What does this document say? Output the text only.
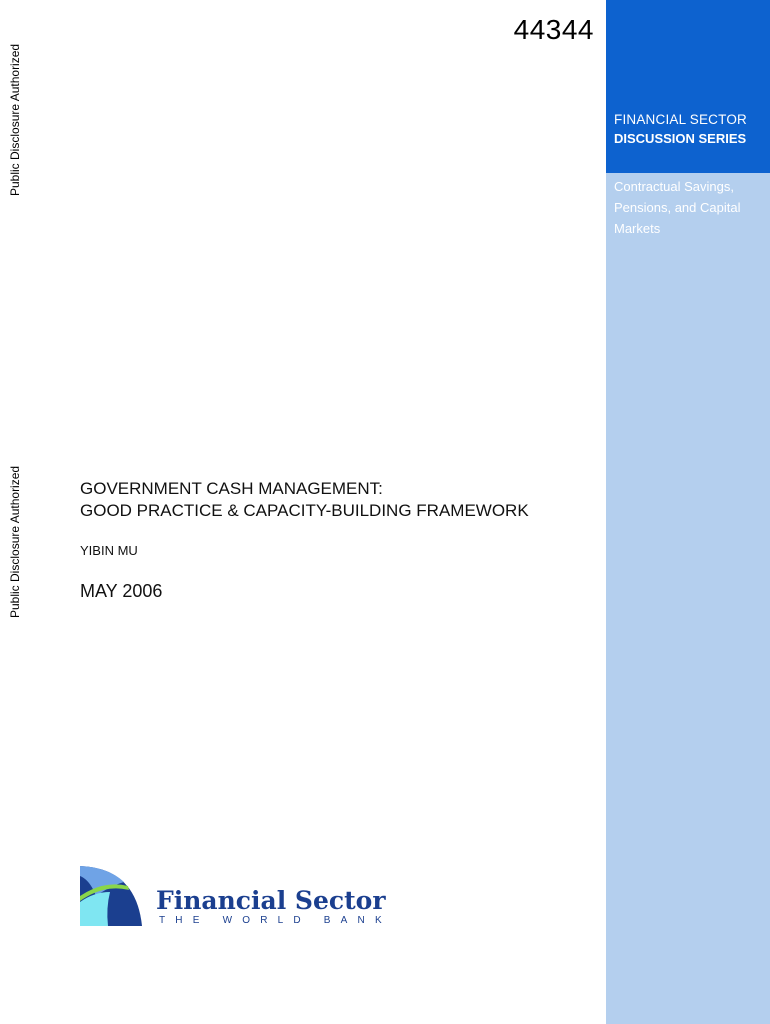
Public Disclosure Authorized
Public Disclosure Authorized
44344
FINANCIAL SECTOR
DISCUSSION SERIES
Contractual Savings, Pensions, and Capital Markets
GOVERNMENT CASH MANAGEMENT:
GOOD PRACTICE & CAPACITY-BUILDING FRAMEWORK
YIBIN MU
MAY 2006
Financial Sector
THE WORLD BANK
